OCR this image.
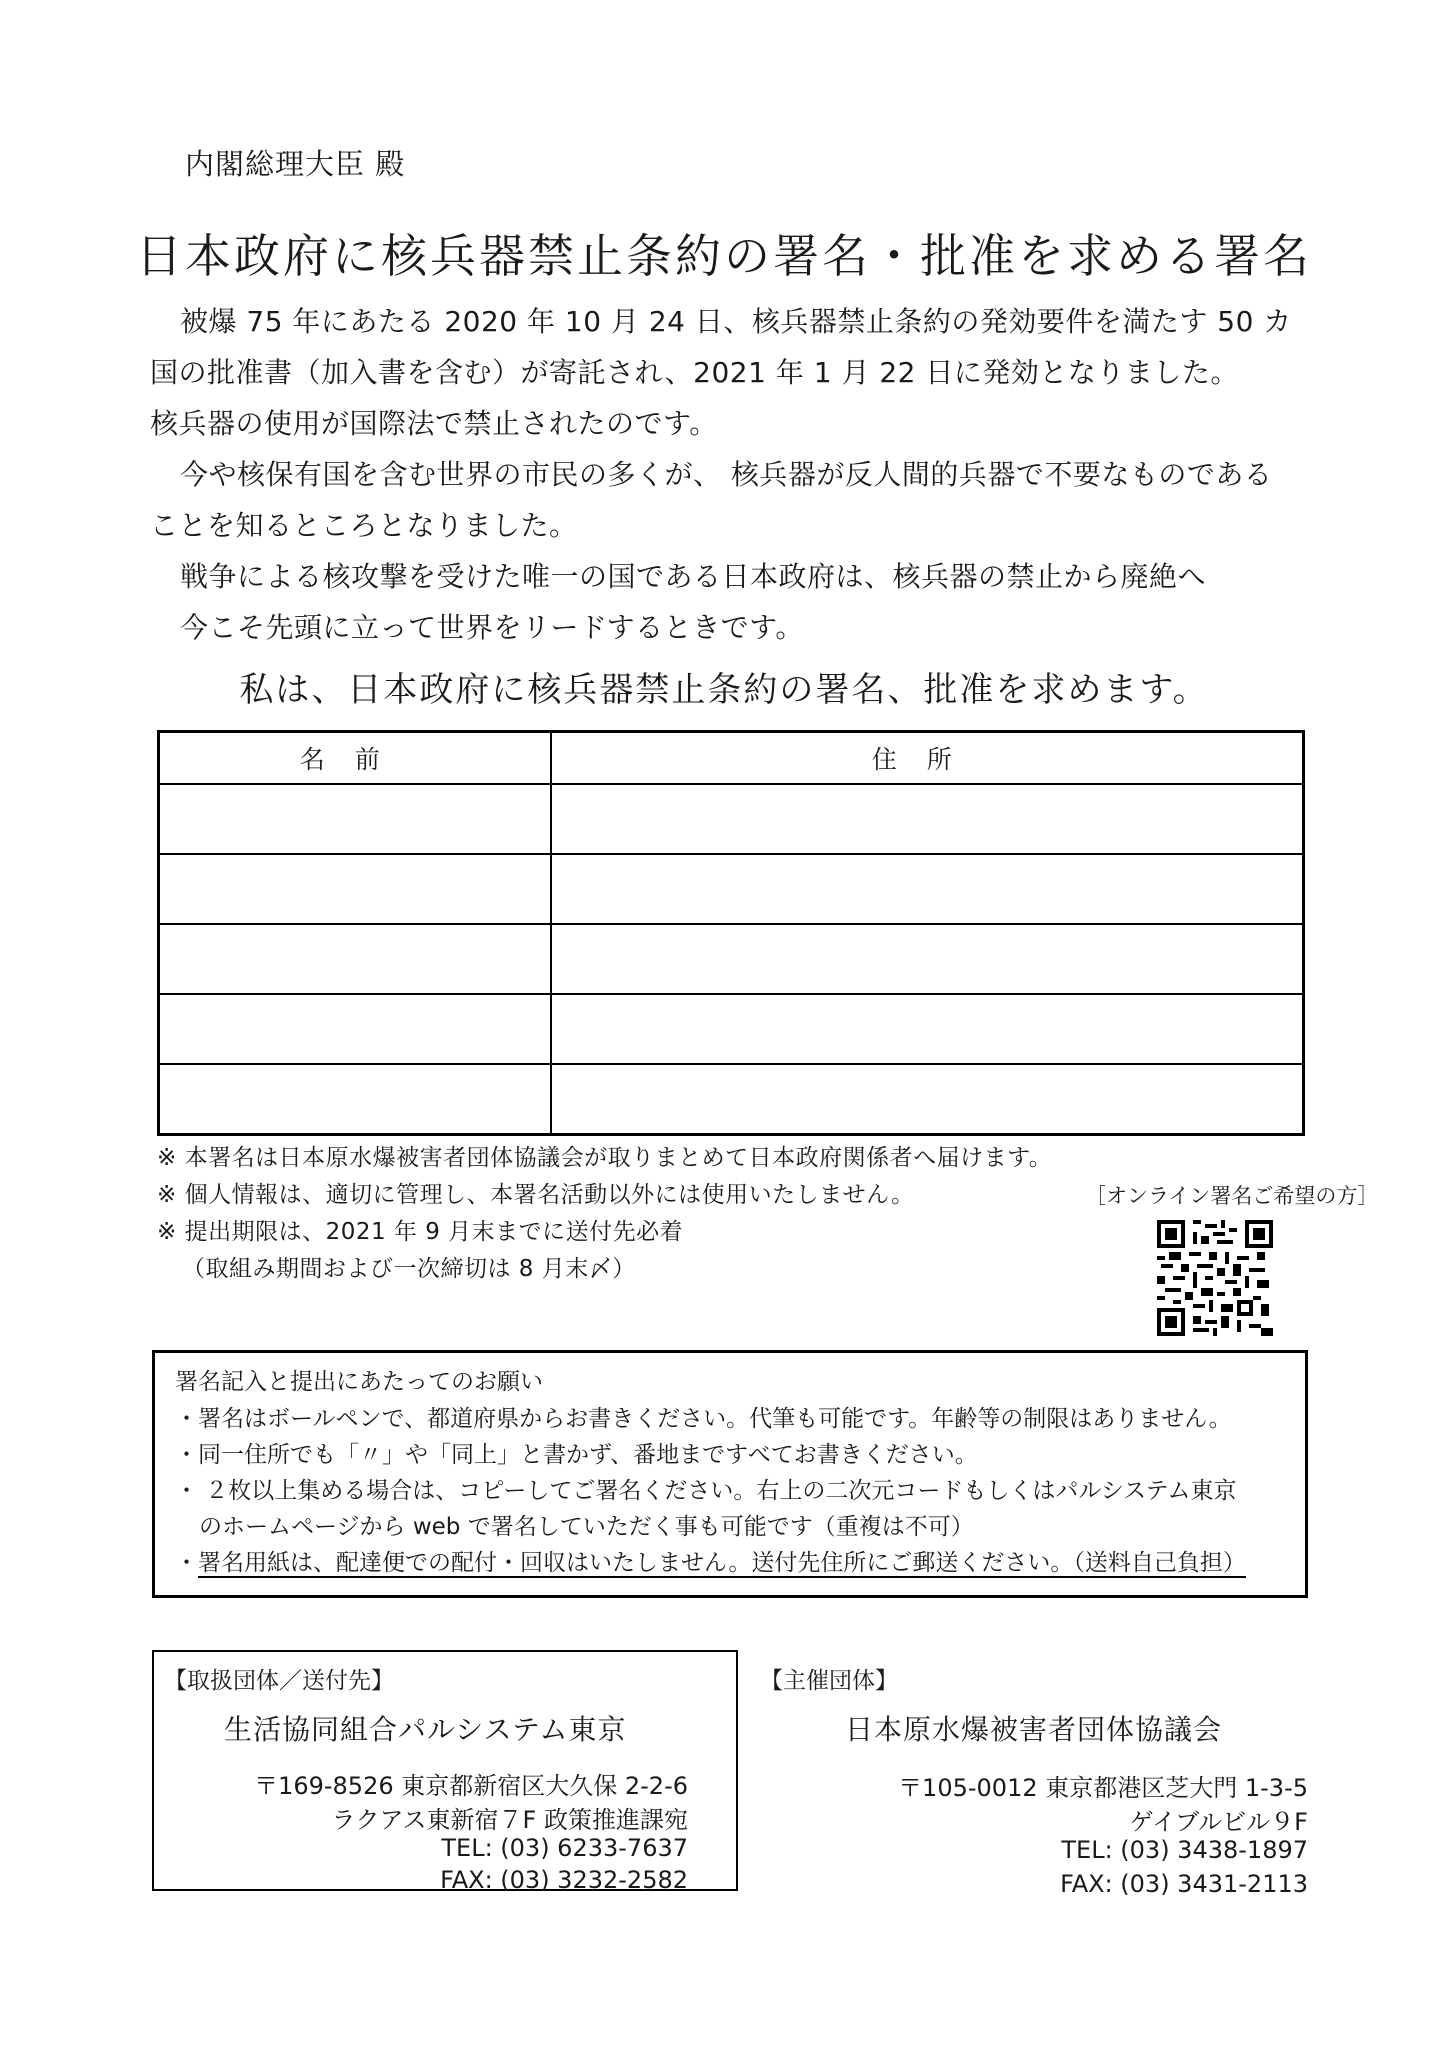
内閣総理大臣 殿
日本政府に核兵器禁止条約の署名・批准を求める署名
被爆 75 年にあたる 2020 年 10 月 24 日、核兵器禁止条約の発効要件を満たす 50 カ
国の批准書（加入書を含む）が寄託され、2021 年 1 月 22 日に発効となりました。
核兵器の使用が国際法で禁止されたのです。
今や核保有国を含む世界の市民の多くが、 核兵器が反人間的兵器で不要なものである
ことを知るところとなりました。
戦争による核攻撃を受けた唯一の国である日本政府は、核兵器の禁止から廃絶へ
今こそ先頭に立って世界をリードするときです。
私は、日本政府に核兵器禁止条約の署名、批准を求めます。
名前	住所

※ 本署名は日本原水爆被害者団体協議会が取りまとめて日本政府関係者へ届けます。
※ 個人情報は、適切に管理し、本署名活動以外には使用いたしません。
※ 提出期限は、2021 年 9 月末までに送付先必着
（取組み期間および一次締切は 8 月末〆）
［オンライン署名ご希望の方］
署名記入と提出にあたってのお願い
・署名はボールペンで、都道府県からお書きください。代筆も可能です。年齢等の制限はありません。
・同一住所でも「〃」や「同上」と書かず、番地まですべてお書きください。
・ ２枚以上集める場合は、コピーしてご署名ください。右上の二次元コードもしくはパルシステム東京
のホームページから web で署名していただく事も可能です（重複は不可）
・署名用紙は、配達便での配付・回収はいたしません。送付先住所にご郵送ください。（送料自己負担）
【取扱団体／送付先】
生活協同組合パルシステム東京
〒169-8526 東京都新宿区大久保 2-2-6
ラクアス東新宿７F 政策推進課宛
TEL: (03) 6233-7637
FAX: (03) 3232-2582
【主催団体】
日本原水爆被害者団体協議会
〒105-0012 東京都港区芝大門 1-3-5
ゲイブルビル９F
TEL: (03) 3438-1897
FAX: (03) 3431-2113
